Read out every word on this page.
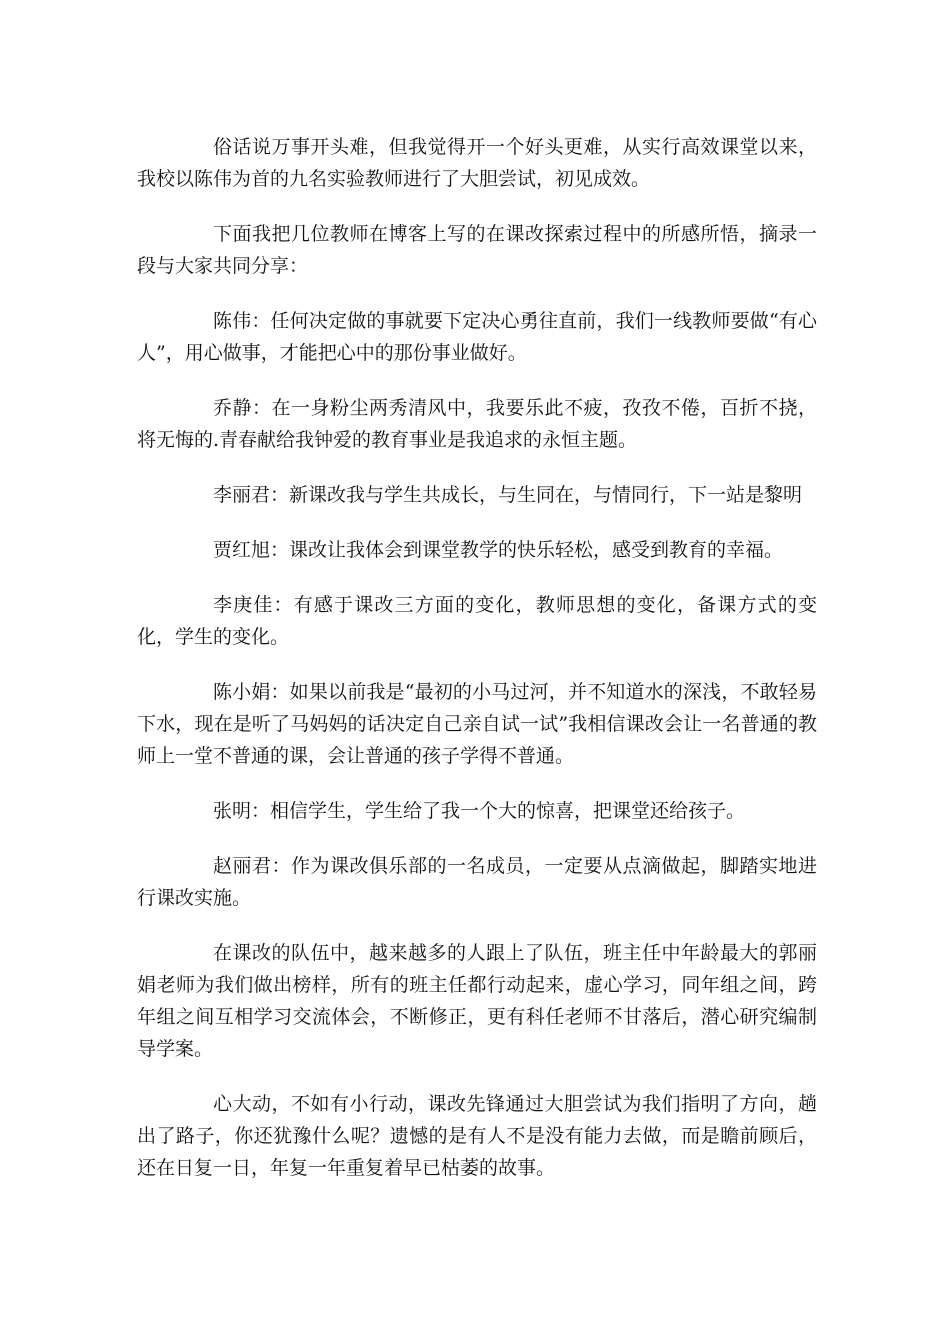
俗话说万事开头难，但我觉得开一个好头更难，从实行高效课堂以来，我校以陈伟为首的九名实验教师进行了大胆尝试，初见成效。

下面我把几位教师在博客上写的在课改探索过程中的所感所悟，摘录一段与大家共同分享：

陈伟：任何决定做的事就要下定决心勇往直前，我们一线教师要做“有心人”，用心做事，才能把心中的那份事业做好。

乔静：在一身粉尘两秀清风中，我要乐此不疲，孜孜不倦，百折不挠，将无悔的.青春献给我钟爱的教育事业是我追求的永恒主题。

李丽君：新课改我与学生共成长，与生同在，与情同行，下一站是黎明

贾红旭：课改让我体会到课堂教学的快乐轻松，感受到教育的幸福。

李庚佳：有感于课改三方面的变化，教师思想的变化，备课方式的变化，学生的变化。

陈小娟：如果以前我是“最初的小马过河，并不知道水的深浅，不敢轻易下水，现在是听了马妈妈的话决定自己亲自试一试”我相信课改会让一名普通的教师上一堂不普通的课，会让普通的孩子学得不普通。

张明：相信学生，学生给了我一个大的惊喜，把课堂还给孩子。

赵丽君：作为课改俱乐部的一名成员，一定要从点滴做起，脚踏实地进行课改实施。

在课改的队伍中，越来越多的人跟上了队伍，班主任中年龄最大的郭丽娟老师为我们做出榜样，所有的班主任都行动起来，虚心学习，同年组之间，跨年组之间互相学习交流体会，不断修正，更有科任老师不甘落后，潜心研究编制导学案。

心大动，不如有小行动，课改先锋通过大胆尝试为我们指明了方向，趟出了路子，你还犹豫什么呢？遗憾的是有人不是没有能力去做，而是瞻前顾后，还在日复一日，年复一年重复着早已枯萎的故事。
